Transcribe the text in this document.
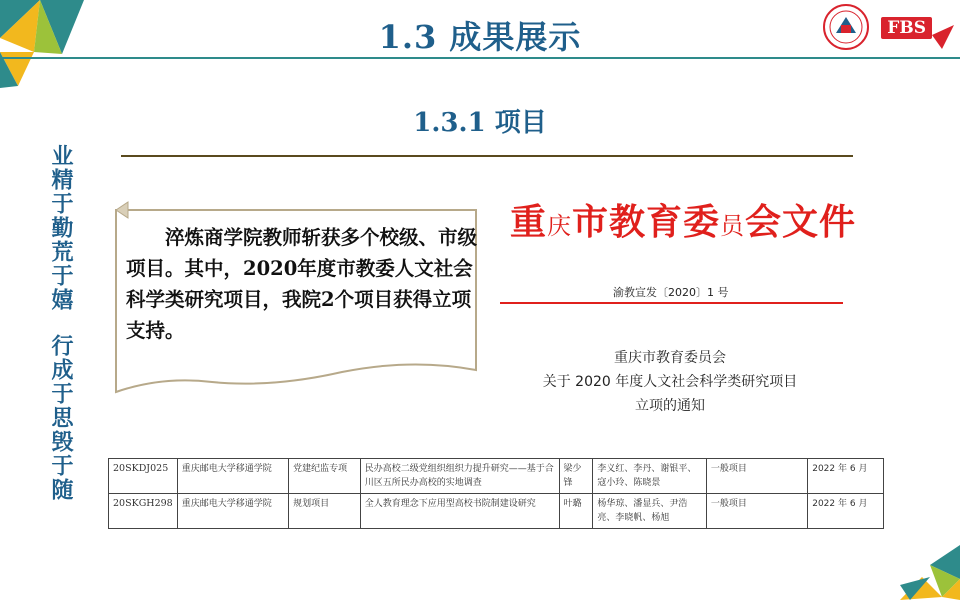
1.3 成果展示	FBS
1.3.1 项目
业精于勤荒于嬉
行成于思毁于随
淬炼商学院教师斩获多个校级、市级项目。其中，2020年度市教委人文社会科学类研究项目，我院2个项目获得立项支持。
重庆市教育委员会文件
渝教宣发〔2020〕1 号
重庆市教育委员会
关于 2020 年度人文社会科学类研究项目
立项的通知
20SKDJ025	重庆邮电大学移通学院	党建纪监专项	民办高校二级党组织组织力提升研究——基于合川区五所民办高校的实地调查	梁少锋	李义红、李丹、谢银平、寇小玲、陈晓景	一般项目	2022 年 6 月
20SKGH298	重庆邮电大学移通学院	规划项目	全人教育理念下应用型高校书院制建设研究	叶璐	杨华琼、潘显兵、尹浩亮、李晓帆、杨旭	一般项目	2022 年 6 月
